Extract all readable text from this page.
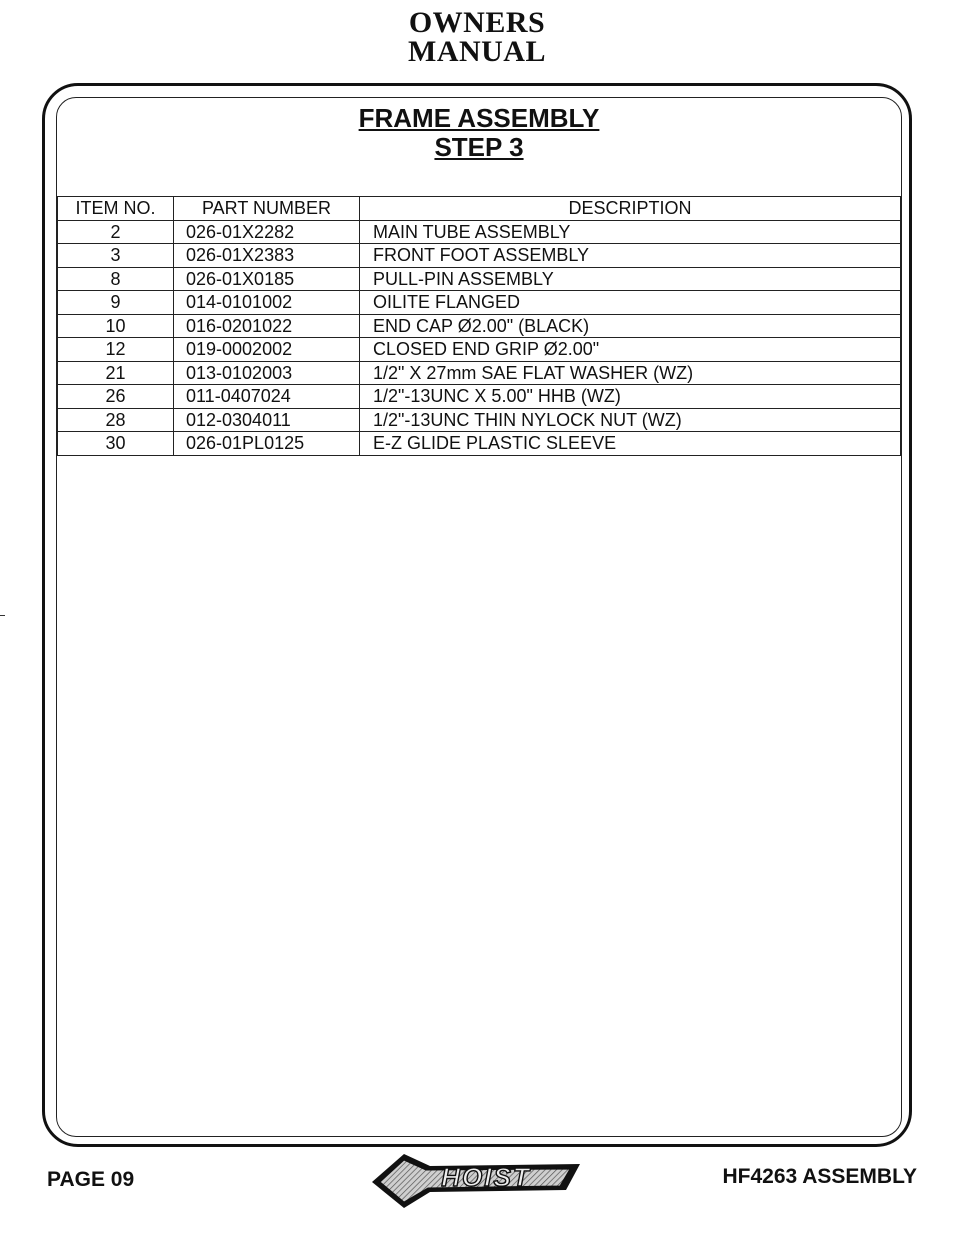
OWNERS
MANUAL
FRAME ASSEMBLY
STEP 3
ITEM NO.	PART NUMBER	DESCRIPTION
2	026-01X2282	MAIN TUBE ASSEMBLY
3	026-01X2383	FRONT FOOT ASSEMBLY
8	026-01X0185	PULL-PIN ASSEMBLY
9	014-0101002	OILITE FLANGED
10	016-0201022	END CAP Ø2.00" (BLACK)
12	019-0002002	CLOSED END GRIP Ø2.00"
21	013-0102003	1/2" X 27mm SAE FLAT WASHER (WZ)
26	011-0407024	1/2"-13UNC X 5.00" HHB (WZ)
28	012-0304011	1/2"-13UNC THIN NYLOCK NUT (WZ)
30	026-01PL0125	E-Z GLIDE PLASTIC SLEEVE
PAGE 09	HOIST	HF4263 ASSEMBLY
